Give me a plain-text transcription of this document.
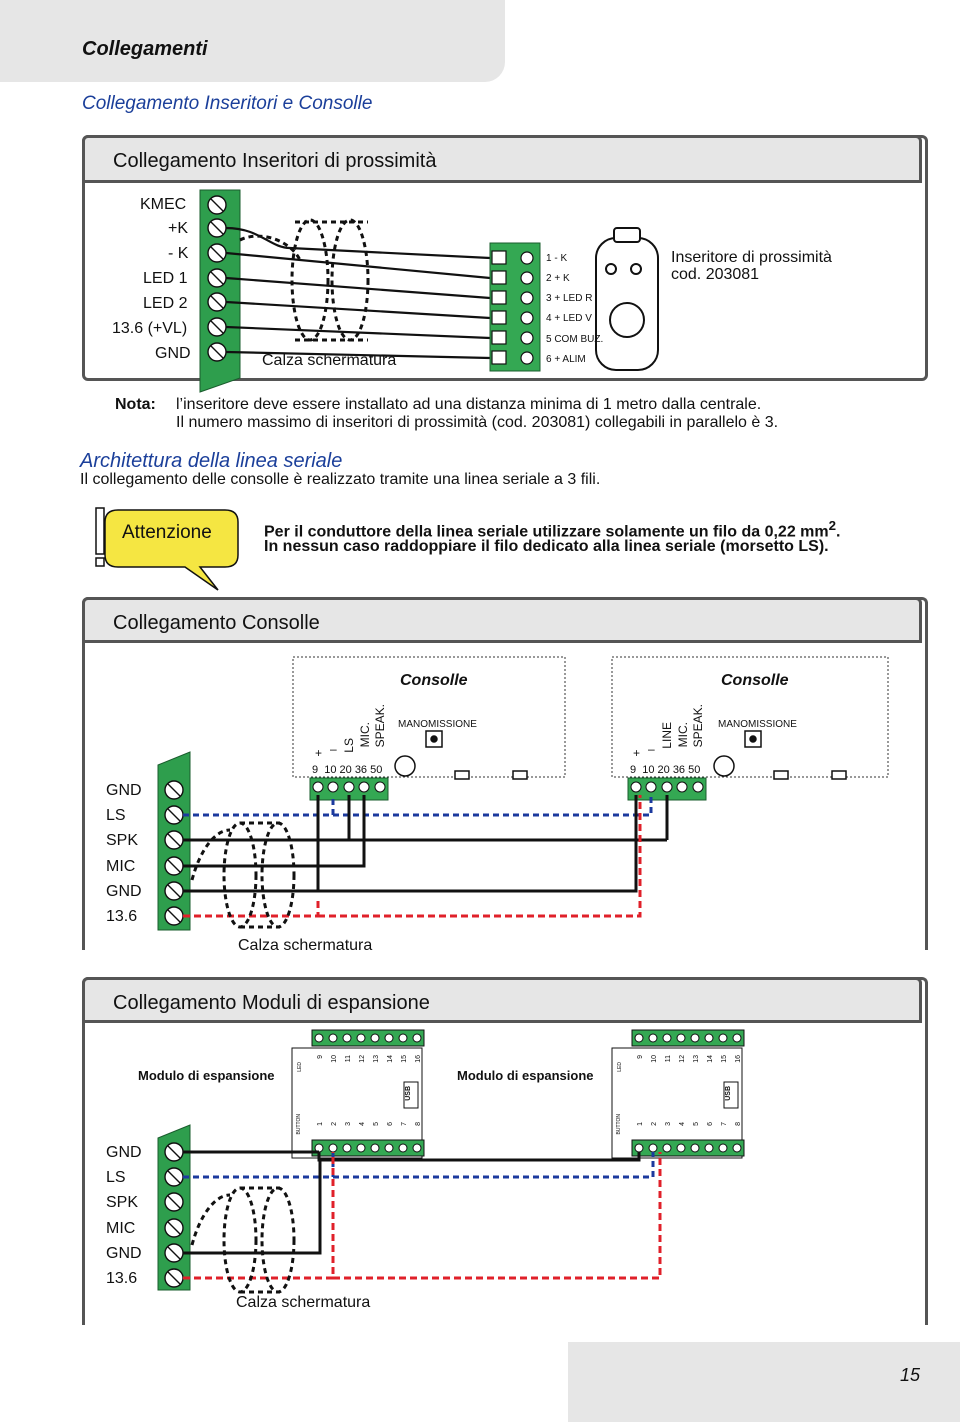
Collegamenti
Collegamento Inseritori e Consolle
Collegamento Inseritori di prossimità
KMEC
+K
- K
LED 1
LED 2
13.6 (+VL)
GND	Calza schermatura
1 - K
2 + K
3 + LED R
4 + LED V
5 COM BUZ.
6 + ALIM
Inseritore di prossimità
cod. 203081
Nota: l’inseritore deve essere installato ad una distanza minima di 1 metro dalla centrale.
Il numero massimo di inseritori di prossimità (cod. 203081) collegabili in parallelo è 3.
Architettura della linea seriale
Il collegamento delle consolle è realizzato tramite una linea seriale a 3 fili.
Attenzione	Per il conduttore della linea seriale utilizzare solamente un filo da 0,22 $mm^2$.
In nessun caso raddoppiare il filo dedicato alla linea seriale (morsetto LS).
Collegamento Consolle
Consolle	Consolle
MANOMISSIONE	MANOMISSIONE
+ – LS MIC. SPEAK.
+ –
LINE MIC. SPEAK.
9  10 20 36 50	9  10 20 36 50
GND
LS
SPK
MIC
GND
13.6
Calza schermatura
Collegamento Moduli di espansione
Modulo di espansione	Modulo di espansione
GND
LS
SPK
MIC
GND
13.6
Calza schermatura
9 10 11 12 13 14 15 16
1 2 3 4 5 6 7 8
9 10 11 12 13 14 15 16
1 2 3 4 5 6 7 8
USB	USB
LED	LED
BUTTON	BUTTON
15
